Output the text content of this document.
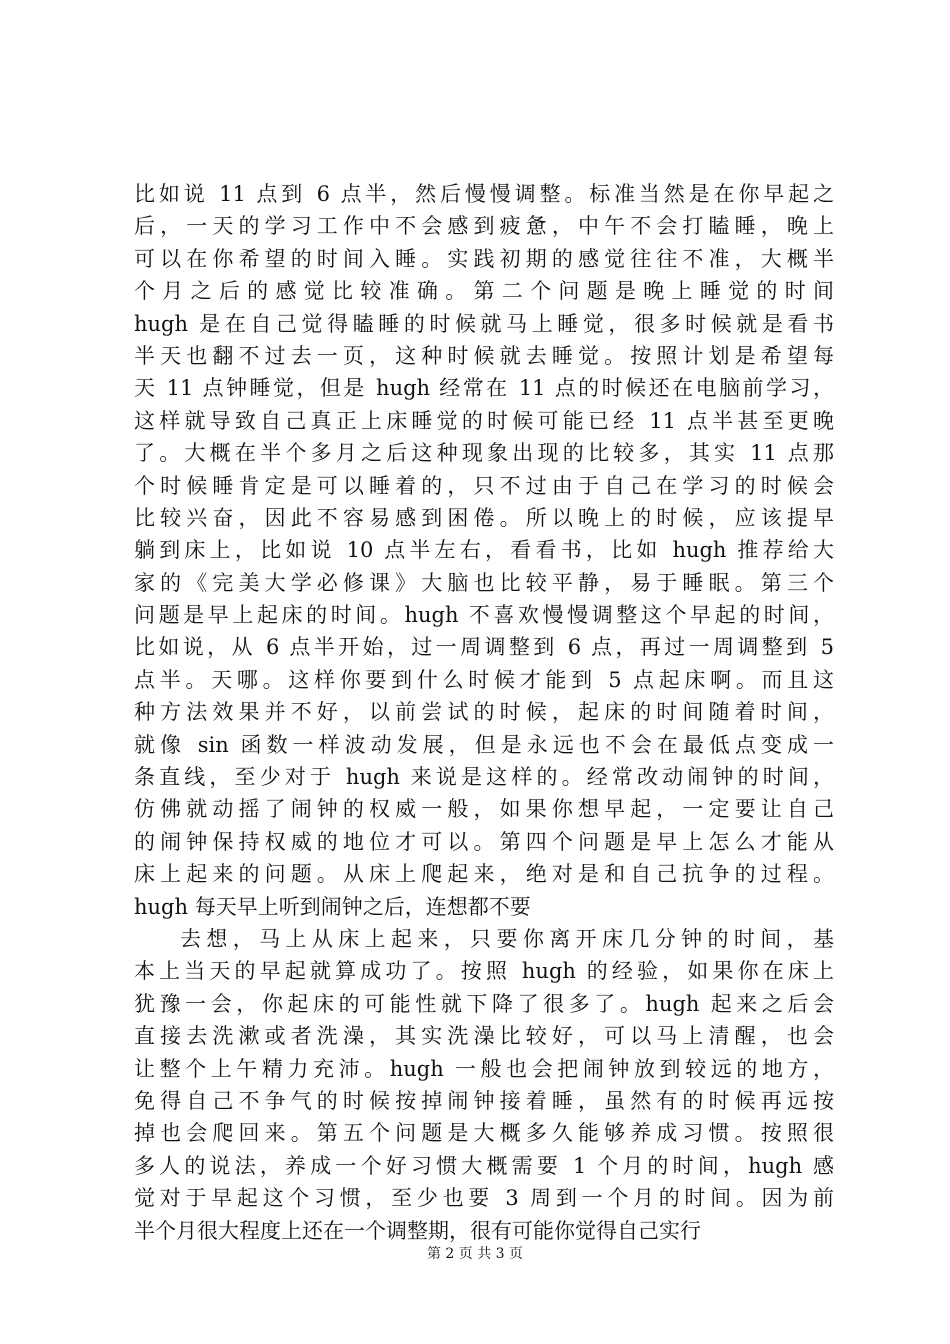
比如说 11 点到 6 点半，然后慢慢调整。标准当然是在你早起之
后，一天的学习工作中不会感到疲惫，中午不会打瞌睡，晚上
可以在你希望的时间入睡。实践初期的感觉往往不准，大概半
个月之后的感觉比较准确。第二个问题是晚上睡觉的时间
hugh 是在自己觉得瞌睡的时候就马上睡觉，很多时候就是看书
半天也翻不过去一页，这种时候就去睡觉。按照计划是希望每
天 11 点钟睡觉，但是 hugh 经常在 11 点的时候还在电脑前学习，
这样就导致自己真正上床睡觉的时候可能已经 11 点半甚至更晚
了。大概在半个多月之后这种现象出现的比较多，其实 11 点那
个时候睡肯定是可以睡着的，只不过由于自己在学习的时候会
比较兴奋，因此不容易感到困倦。所以晚上的时候，应该提早
躺到床上，比如说 10 点半左右，看看书，比如 hugh 推荐给大
家的《完美大学必修课》大脑也比较平静，易于睡眠。第三个
问题是早上起床的时间。hugh 不喜欢慢慢调整这个早起的时间，
比如说，从 6 点半开始，过一周调整到 6 点，再过一周调整到 5
点半。天哪。这样你要到什么时候才能到 5 点起床啊。而且这
种方法效果并不好，以前尝试的时候，起床的时间随着时间，
就像 sin 函数一样波动发展，但是永远也不会在最低点变成一
条直线，至少对于 hugh 来说是这样的。经常改动闹钟的时间，
仿佛就动摇了闹钟的权威一般，如果你想早起，一定要让自己
的闹钟保持权威的地位才可以。第四个问题是早上怎么才能从
床上起来的问题。从床上爬起来，绝对是和自己抗争的过程。
hugh 每天早上听到闹钟之后，连想都不要
去想，马上从床上起来，只要你离开床几分钟的时间，基
本上当天的早起就算成功了。按照 hugh 的经验，如果你在床上
犹豫一会，你起床的可能性就下降了很多了。hugh 起来之后会
直接去洗漱或者洗澡，其实洗澡比较好，可以马上清醒，也会
让整个上午精力充沛。hugh 一般也会把闹钟放到较远的地方，
免得自己不争气的时候按掉闹钟接着睡，虽然有的时候再远按
掉也会爬回来。第五个问题是大概多久能够养成习惯。按照很
多人的说法，养成一个好习惯大概需要 1 个月的时间，hugh 感
觉对于早起这个习惯，至少也要 3 周到一个月的时间。因为前
半个月很大程度上还在一个调整期，很有可能你觉得自己实行
第 2 页 共 3 页
